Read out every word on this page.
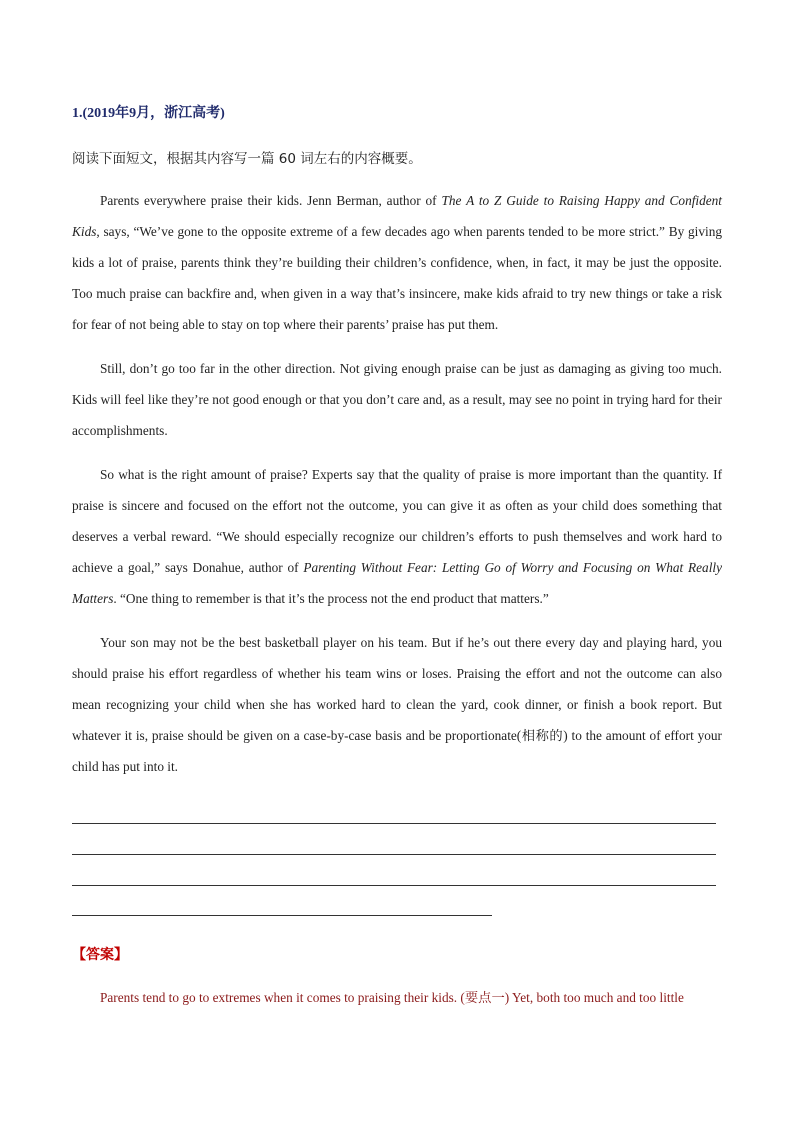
1.(2019年9月，浙江高考)
阅读下面短文，根据其内容写一篇 60 词左右的内容概要。

Parents everywhere praise their kids. Jenn Berman, author of The A to Z Guide to Raising Happy and Confident Kids, says, “We’ve gone to the opposite extreme of a few decades ago when parents tended to be more strict.” By giving kids a lot of praise, parents think they’re building their children’s confidence, when, in fact, it may be just the opposite. Too much praise can backfire and, when given in a way that’s insincere, make kids afraid to try new things or take a risk for fear of not being able to stay on top where their parents’ praise has put them.

Still, don’t go too far in the other direction. Not giving enough praise can be just as damaging as giving too much. Kids will feel like they’re not good enough or that you don’t care and, as a result, may see no point in trying hard for their accomplishments.

So what is the right amount of praise? Experts say that the quality of praise is more important than the quantity. If praise is sincere and focused on the effort not the outcome, you can give it as often as your child does something that deserves a verbal reward. “We should especially recognize our children’s efforts to push themselves and work hard to achieve a goal,” says Donahue, author of Parenting Without Fear: Letting Go of Worry and Focusing on What Really Matters. “One thing to remember is that it’s the process not the end product that matters.”

Your son may not be the best basketball player on his team. But if he’s out there every day and playing hard, you should praise his effort regardless of whether his team wins or loses. Praising the effort and not the outcome can also mean recognizing your child when she has worked hard to clean the yard, cook dinner, or finish a book report. But whatever it is, praise should be given on a case-by-case basis and be proportionate(相称的) to the amount of effort your child has put into it.

【答案】
Parents tend to go to extremes when it comes to praising their kids. (要点一) Yet, both too much and too little
